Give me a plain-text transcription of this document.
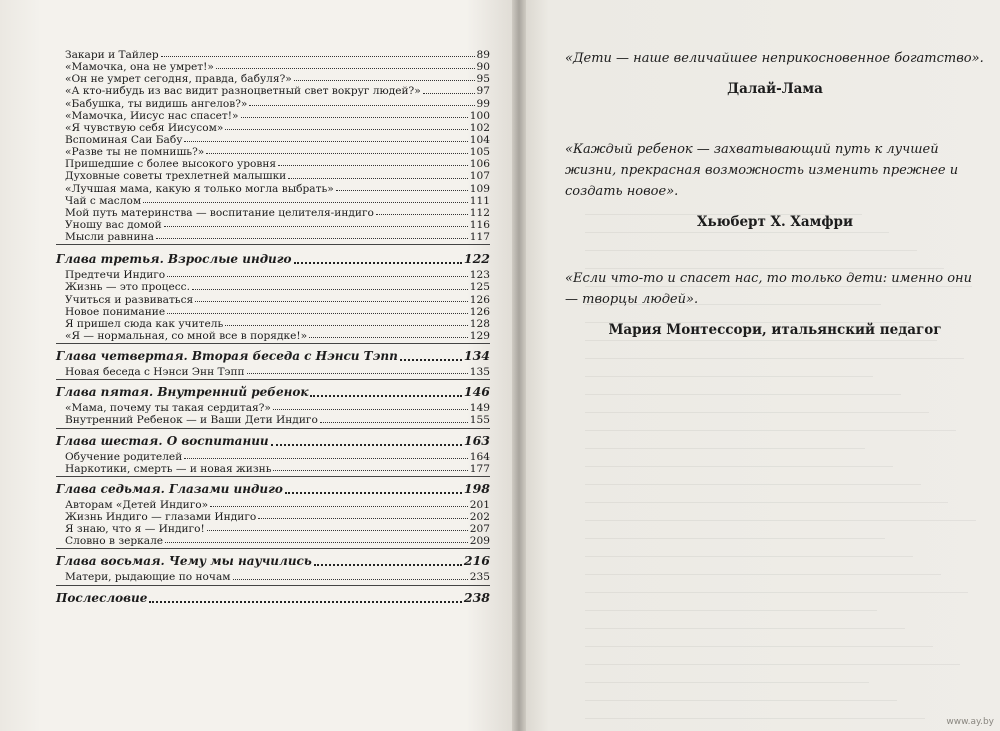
Закари и Тайлер	89
«Мамочка, она не умрет!»	90
«Он не умрет сегодня, правда, бабуля?»	95
«А кто-нибудь из вас видит разноцветный свет вокруг людей?»	97
«Бабушка, ты видишь ангелов?»	99
«Мамочка, Иисус нас спасет!»	100
«Я чувствую себя Иисусом»	102
Вспоминая Саи Бабу	104
«Разве ты не помнишь?»	105
Пришедшие с более высокого уровня	106
Духовные советы трехлетней малышки	107
«Лучшая мама, какую я только могла выбрать»	109
Чай с маслом	111
Мой путь материнства — воспитание целителя-индиго	112
Уношу вас домой	116
Мысли равнина	117
Глава третья. Взрослые индиго	122
Предтечи Индиго	123
Жизнь — это процесс.	125
Учиться и развиваться	126
Новое понимание	126
Я пришел сюда как учитель	128
«Я — нормальная, со мной все в порядке!»	129
Глава четвертая. Вторая беседа с Нэнси Тэпп	134
Новая беседа с Нэнси Энн Тэпп	135
Глава пятая. Внутренний ребенок	146
«Мама, почему ты такая сердитая?»	149
Внутренний Ребенок — и Ваши Дети Индиго	155
Глава шестая. О воспитании	163
Обучение родителей	164
Наркотики, смерть — и новая жизнь	177
Глава седьмая. Глазами индиго	198
Авторам «Детей Индиго»	201
Жизнь Индиго — глазами Индиго	202
Я знаю, что я — Индиго!	207
Словно в зеркале	209
Глава восьмая. Чему мы научились	216
Матери, рыдающие по ночам	235
Послесловие	238

«Дети — наше величайшее неприкосновенное богатство».

Далай-Лама

«Каждый ребенок — захватывающий путь к лучшей жизни, прекрасная возможность изменить прежнее и создать новое».

Хьюберт Х. Хамфри

«Если что-то и спасет нас, то только дети: именно они — творцы людей».

Мария Монтессори, итальянский педагог

www.ay.by
